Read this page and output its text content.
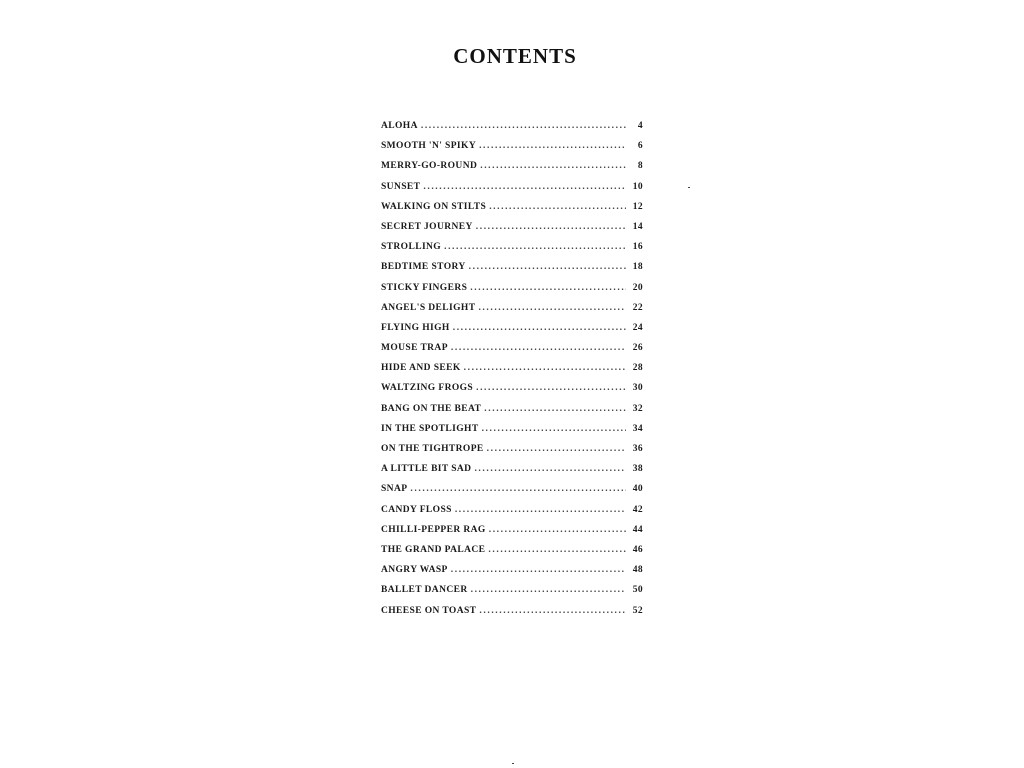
CONTENTS
ALOHA .....	4
SMOOTH 'N' SPIKY .....	6
MERRY-GO-ROUND .....	8
SUNSET .....	10
WALKING ON STILTS .....	12
SECRET JOURNEY .....	14
STROLLING .....	16
BEDTIME STORY .....	18
STICKY FINGERS .....	20
ANGEL'S DELIGHT .....	22
FLYING HIGH .....	24
MOUSE TRAP .....	26
HIDE AND SEEK .....	28
WALTZING FROGS .....	30
BANG ON THE BEAT .....	32
IN THE SPOTLIGHT .....	34
ON THE TIGHTROPE .....	36
A LITTLE BIT SAD .....	38
SNAP .....	40
CANDY FLOSS .....	42
CHILLI-PEPPER RAG .....	44
THE GRAND PALACE .....	46
ANGRY WASP .....	48
BALLET DANCER .....	50
CHEESE ON TOAST .....	52
